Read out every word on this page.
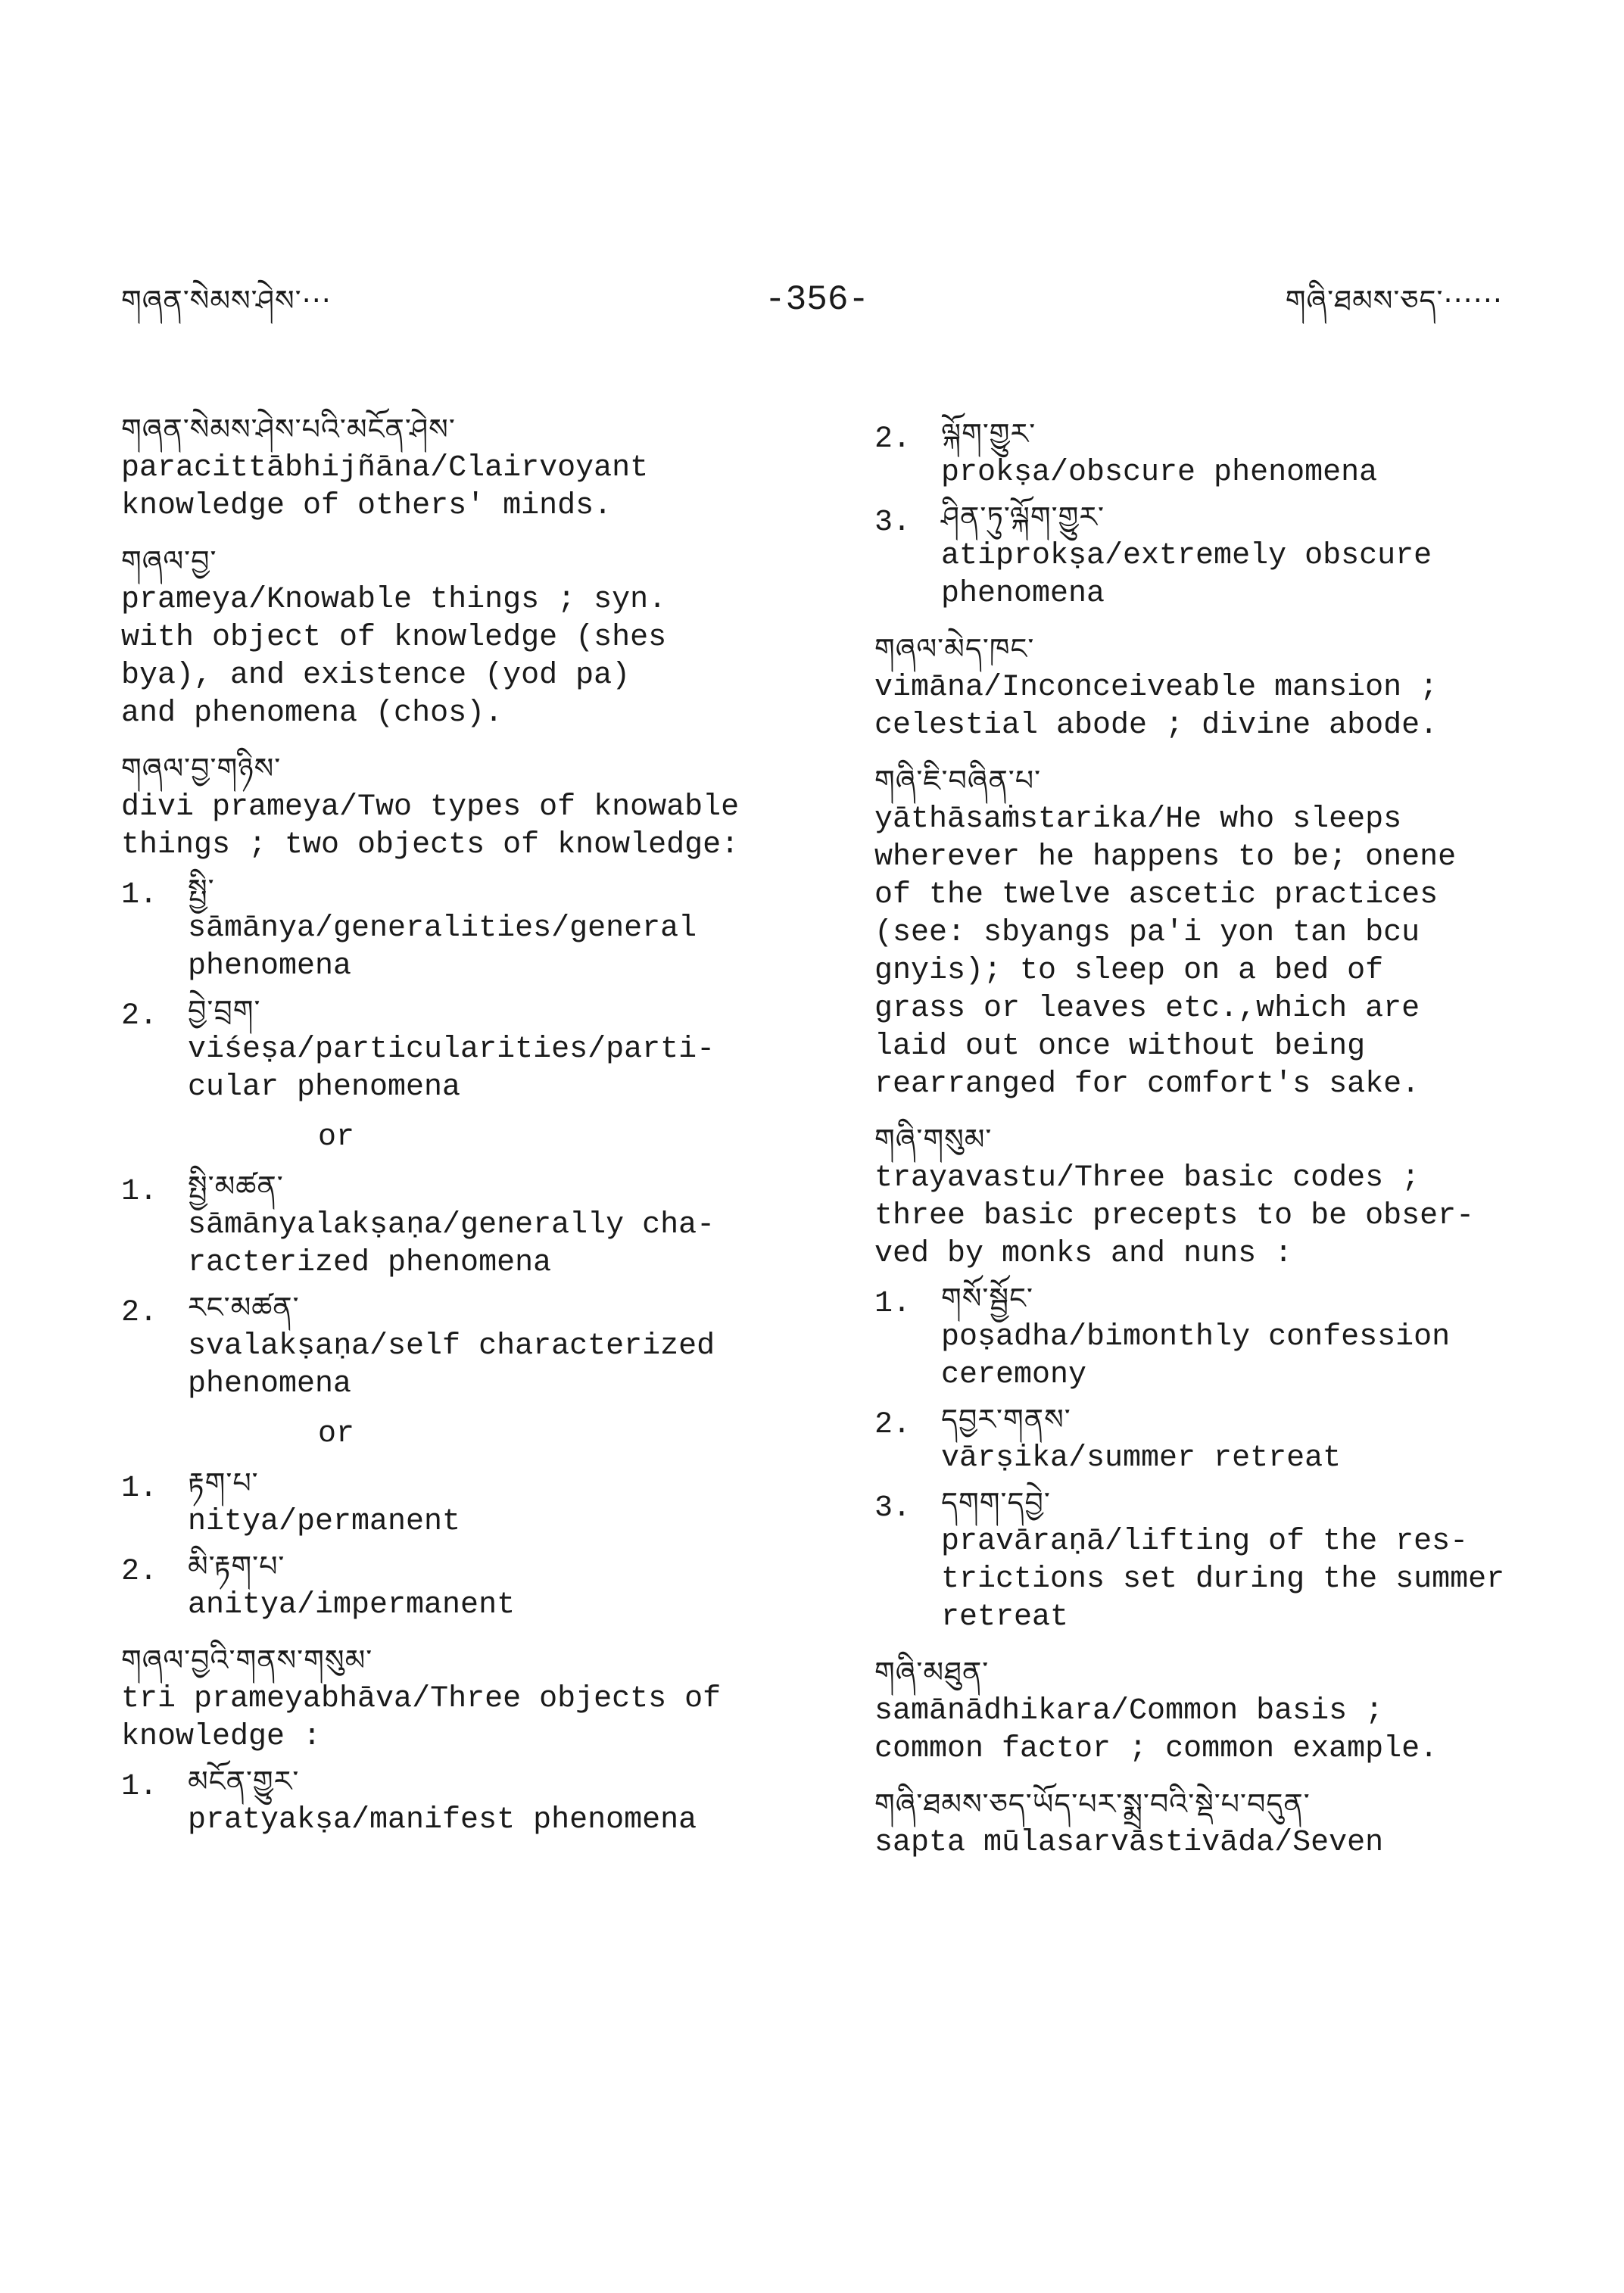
གཞན་སེམས་ཤེས་···	-356-	གཞི་ཐམས་ཅད་······
གཞན་སེམས་ཤེས་པའི་མངོན་ཤེས་
paracittābhijñāna/Clairvoyant
knowledge of others' minds.
གཞལ་བྱ་
prameya/Knowable things ; syn.
with object of knowledge (shes
bya), and existence (yod pa)
and phenomena (chos).
གཞལ་བྱ་གཉིས་
divi prameya/Two types of knowable
things ; two objects of knowledge:
1.	སྤྱི་
sāmānya/generalities/general
phenomena
2.	བྱེ་བྲག་
viśeṣa/particularities/parti-
cular phenomena
or
1.	སྤྱི་མཚན་
sāmānyalakṣaṇa/generally cha-
racterized phenomena
2.	རང་མཚན་
svalakṣaṇa/self characterized
phenomena
or
1.	རྟག་པ་
nitya/permanent
2.	མི་རྟག་པ་
anitya/impermanent
གཞལ་བྱའི་གནས་གསུམ་
tri prameyabhāva/Three objects of
knowledge :
1.	མངོན་གྱུར་
pratyakṣa/manifest phenomena
2.	ལྐོག་གྱུར་
prokṣa/obscure phenomena
3.	ཤིན་ཏུ་ལྐོག་གྱུར་
atiprokṣa/extremely obscure
phenomena
གཞལ་མེད་ཁང་
vimāna/Inconceiveable mansion ;
celestial abode ; divine abode.
གཞི་ཇི་བཞིན་པ་
yāthāsaṁstarika/He who sleeps
wherever he happens to be; onene
of the twelve ascetic practices
(see: sbyangs pa'i yon tan bcu
gnyis); to sleep on a bed of
grass or leaves etc.,which are
laid out once without being
rearranged for comfort's sake.
གཞི་གསུམ་
trayavastu/Three basic codes ;
three basic precepts to be obser-
ved by monks and nuns :
1.	གསོ་སྦྱོང་
poṣadha/bimonthly confession
ceremony
2.	དབྱར་གནས་
vārṣika/summer retreat
3.	དགག་དབྱེ་
pravāraṇā/lifting of the res-
trictions set during the summer
retreat
གཞི་མཐུན་
samānādhikara/Common basis ;
common factor ; common example.
གཞི་ཐམས་ཅད་ཡོད་པར་སྨྲ་བའི་སྡེ་པ་བདུན་
sapta mūlasarvāstivāda/Seven
